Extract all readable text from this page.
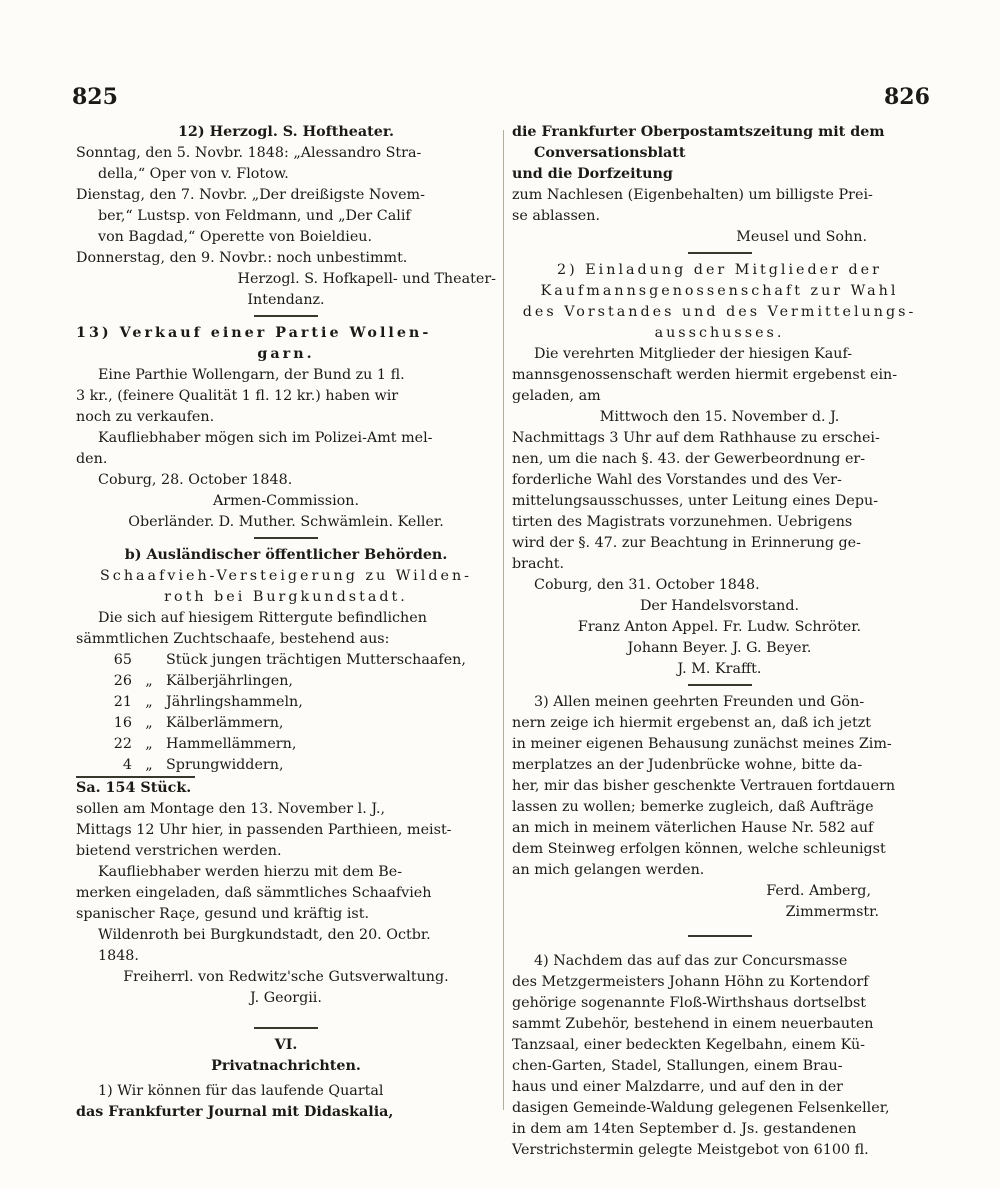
825	826

12) Herzogl. S. Hoftheater.

Sonntag, den 5. Novbr. 1848: „Alessandro Stra-

della,“ Oper von v. Flotow.

Dienstag, den 7. Novbr. „Der dreißigste Novem-

ber,“ Lustsp. von Feldmann, und „Der Calif

von Bagdad,“ Operette von Boieldieu.

Donnerstag, den 9. Novbr.: noch unbestimmt.

Herzogl. S. Hofkapell- und Theater-

Intendanz.

13) Verkauf einer Partie Wollen-

garn.

Eine Parthie Wollengarn, der Bund zu 1 fl.

3 kr., (feinere Qualität 1 fl. 12 kr.) haben wir

noch zu verkaufen.

Kaufliebhaber mögen sich im Polizei-Amt mel-

den.

Coburg, 28. October 1848.

Armen-Commission.

Oberländer. D. Muther. Schwämlein. Keller.

b) Ausländischer öffentlicher Behörden.

Schaafvieh-Versteigerung zu Wilden-

roth bei Burgkundstadt.

Die sich auf hiesigem Rittergute befindlichen

sämmtlichen Zuchtschaafe, bestehend aus:

65		Stück jungen trächtigen Mutterschaafen,
26	„	Kälberjährlingen,
21	„	Jährlingshammeln,
16	„	Kälberlämmern,
22	„	Hammellämmern,
4	„	Sprungwiddern,
Sa. 154 Stück.

sollen am Montage den 13. November l. J.,

Mittags 12 Uhr hier, in passenden Parthieen, meist-

bietend verstrichen werden.

Kaufliebhaber werden hierzu mit dem Be-

merken eingeladen, daß sämmtliches Schaafvieh

spanischer Raçe, gesund und kräftig ist.

Wildenroth bei Burgkundstadt, den 20. Octbr.

1848.

Freiherrl. von Redwitz'sche Gutsverwaltung.

J. Georgii.

VI.

Privatnachrichten.

1) Wir können für das laufende Quartal

das Frankfurter Journal mit Didaskalia,

die Frankfurter Oberpostamtszeitung mit dem

Conversationsblatt

und die Dorfzeitung

zum Nachlesen (Eigenbehalten) um billigste Prei-

se ablassen.

Meusel und Sohn.

2) Einladung der Mitglieder der

Kaufmannsgenossenschaft zur Wahl

des Vorstandes und des Vermittelungs-

ausschusses.

Die verehrten Mitglieder der hiesigen Kauf-

mannsgenossenschaft werden hiermit ergebenst ein-

geladen, am

Mittwoch den 15. November d. J.

Nachmittags 3 Uhr auf dem Rathhause zu erschei-

nen, um die nach §. 43. der Gewerbeordnung er-

forderliche Wahl des Vorstandes und des Ver-

mittelungsausschusses, unter Leitung eines Depu-

tirten des Magistrats vorzunehmen. Uebrigens

wird der §. 47. zur Beachtung in Erinnerung ge-

bracht.

Coburg, den 31. October 1848.

Der Handelsvorstand.

Franz Anton Appel. Fr. Ludw. Schröter.

Johann Beyer. J. G. Beyer.

J. M. Krafft.

3) Allen meinen geehrten Freunden und Gön-

nern zeige ich hiermit ergebenst an, daß ich jetzt

in meiner eigenen Behausung zunächst meines Zim-

merplatzes an der Judenbrücke wohne, bitte da-

her, mir das bisher geschenkte Vertrauen fortdauern

lassen zu wollen; bemerke zugleich, daß Aufträge

an mich in meinem väterlichen Hause Nr. 582 auf

dem Steinweg erfolgen können, welche schleunigst

an mich gelangen werden.

Ferd. Amberg,

Zimmermstr.

4) Nachdem das auf das zur Concursmasse

des Metzgermeisters Johann Höhn zu Kortendorf

gehörige sogenannte Floß-Wirthshaus dortselbst

sammt Zubehör, bestehend in einem neuerbauten

Tanzsaal, einer bedeckten Kegelbahn, einem Kü-

chen-Garten, Stadel, Stallungen, einem Brau-

haus und einer Malzdarre, und auf den in der

dasigen Gemeinde-Waldung gelegenen Felsenkeller,

in dem am 14ten September d. Js. gestandenen

Verstrichstermin gelegte Meistgebot von 6100 fl.
